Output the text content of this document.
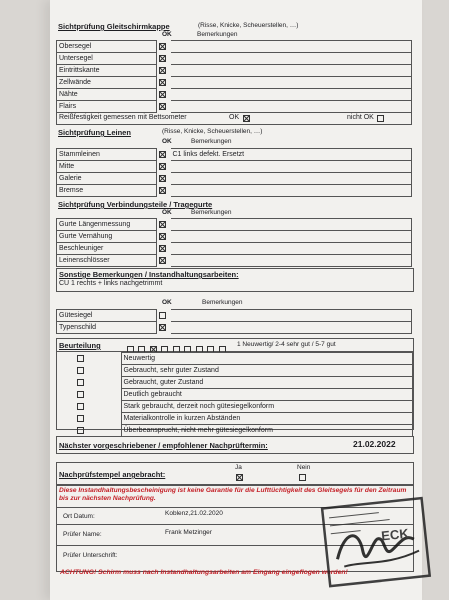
Sichtprüfung Gleitschirmkappe	(Risse, Knicke, Scheuerstellen, …)
OK	Bemerkungen
Obersegel		
Untersegel		
Eintrittskante		
Zellwände		
Nähte		
Flairs		
Reißfestigkeit gemessen mit Bettsometer	OK	nicht OK
Sichtprüfung Leinen	(Risse, Knicke, Scheuerstellen, …)
OK	Bemerkungen
Stammleinen		C1 links defekt. Ersetzt
Mitte		
Galerie		
Bremse		
Sichtprüfung Verbindungsteile / Tragegurte
OK	Bemerkungen
Gurte Längenmessung		
Gurte Vernähung		
Beschleuniger		
Leinenschlösser		
Sonstige Bemerkungen / Instandhaltungsarbeiten:
CU 1 rechts + links nachgetrimmt
OK	Bemerkungen
Gütesiegel		
Typenschild		
Beurteilung
	1 Neuwertig/ 2-4 sehr gut / 5-7 gut
	Neuwertig
	Gebraucht, sehr guter Zustand
	Gebraucht, guter Zustand
	Deutlich gebraucht
	Stark gebraucht, derzeit noch gütesiegelkonform
	Materialkontrolle in kurzen Abständen
	Überbeansprucht, nicht mehr gütesiegelkonform
Nächster vorgeschriebener / empfohlener Nachprüftermin:	21.02.2022
Nachprüfstempel angebracht:
Ja	Nein
Diese Instandhaltungsbescheinigung ist keine Garantie für die Lufttüchtigkeit des Gleitsegels für den Zeitraum bis zur nächsten Nachprüfung.
Ort Datum:	Koblenz,21.02.2020
Prüfer Name:	Frank Metzinger
Prüfer Unterschrift:
ACHTUNG! Schirm muss nach Instandhaltungsarbeiten am Eingang eingeflogen werden!
ECK
